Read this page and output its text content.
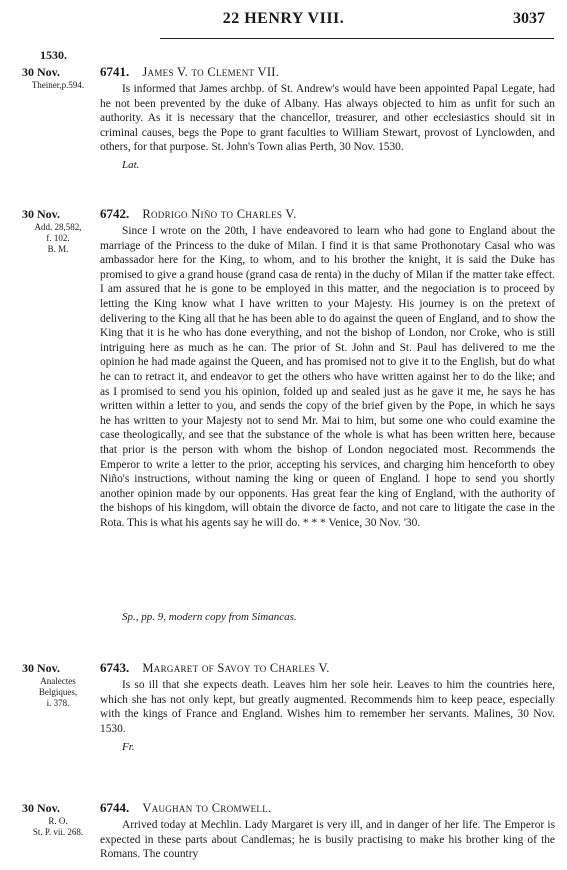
22 HENRY VIII.	3037
1530.
30 Nov.
Theiner,p.594.
6741. James V. to Clement VII.

Is informed that James archbp. of St. Andrew's would have been appointed Papal Legate, had he not been prevented by the duke of Albany. Has always objected to him as unfit for such an authority. As it is necessary that the chancellor, treasurer, and other ecclesiastics should sit in criminal causes, begs the Pope to grant faculties to William Stewart, provost of Lynclowden, and others, for that purpose. St. John's Town alias Perth, 30 Nov. 1530.

Lat.
30 Nov.
Add. 28,582,
f. 102.
B. M.
6742. Rodrigo Niño to Charles V.

Since I wrote on the 20th, I have endeavored to learn who had gone to England about the marriage of the Princess to the duke of Milan. I find it is that same Prothonotary Casal who was ambassador here for the King, to whom, and to his brother the knight, it is said the Duke has promised to give a grand house (grand casa de renta) in the duchy of Milan if the matter take effect. I am assured that he is gone to be employed in this matter, and the negociation is to proceed by letting the King know what I have written to your Majesty. His journey is on the pretext of delivering to the King all that he has been able to do against the queen of England, and to show the King that it is he who has done everything, and not the bishop of London, nor Croke, who is still intriguing here as much as he can. The prior of St. John and St. Paul has delivered to me the opinion he had made against the Queen, and has promised not to give it to the English, but do what he can to retract it, and endeavor to get the others who have written against her to do the like; and as I promised to send you his opinion, folded up and sealed just as he gave it me, he says he has written within a letter to you, and sends the copy of the brief given by the Pope, in which he says he has written to your Majesty not to send Mr. Mai to him, but some one who could examine the case theologically, and see that the substance of the whole is what has been written here, because that prior is the person with whom the bishop of London negociated most. Recommends the Emperor to write a letter to the prior, accepting his services, and charging him henceforth to obey Niño's instructions, without naming the king or queen of England. I hope to send you shortly another opinion made by our opponents. Has great fear the king of England, with the authority of the bishops of his kingdom, will obtain the divorce de facto, and not care to litigate the case in the Rota. This is what his agents say he will do. * * * Venice, 30 Nov. '30.

Sp., pp. 9, modern copy from Simancas.
30 Nov.
Analectes
Belgiques,
i. 378.
6743. Margaret of Savoy to Charles V.

Is so ill that she expects death. Leaves him her sole heir. Leaves to him the countries here, which she has not only kept, but greatly augmented. Recommends him to keep peace, especially with the kings of France and England. Wishes him to remember her servants. Malines, 30 Nov. 1530.

Fr.
30 Nov.
R. O.
St. P. vii. 268.
6744. Vaughan to Cromwell.

Arrived today at Mechlin. Lady Margaret is very ill, and in danger of her life. The Emperor is expected in these parts about Candlemas; he is busily practising to make his brother king of the Romans. The country
